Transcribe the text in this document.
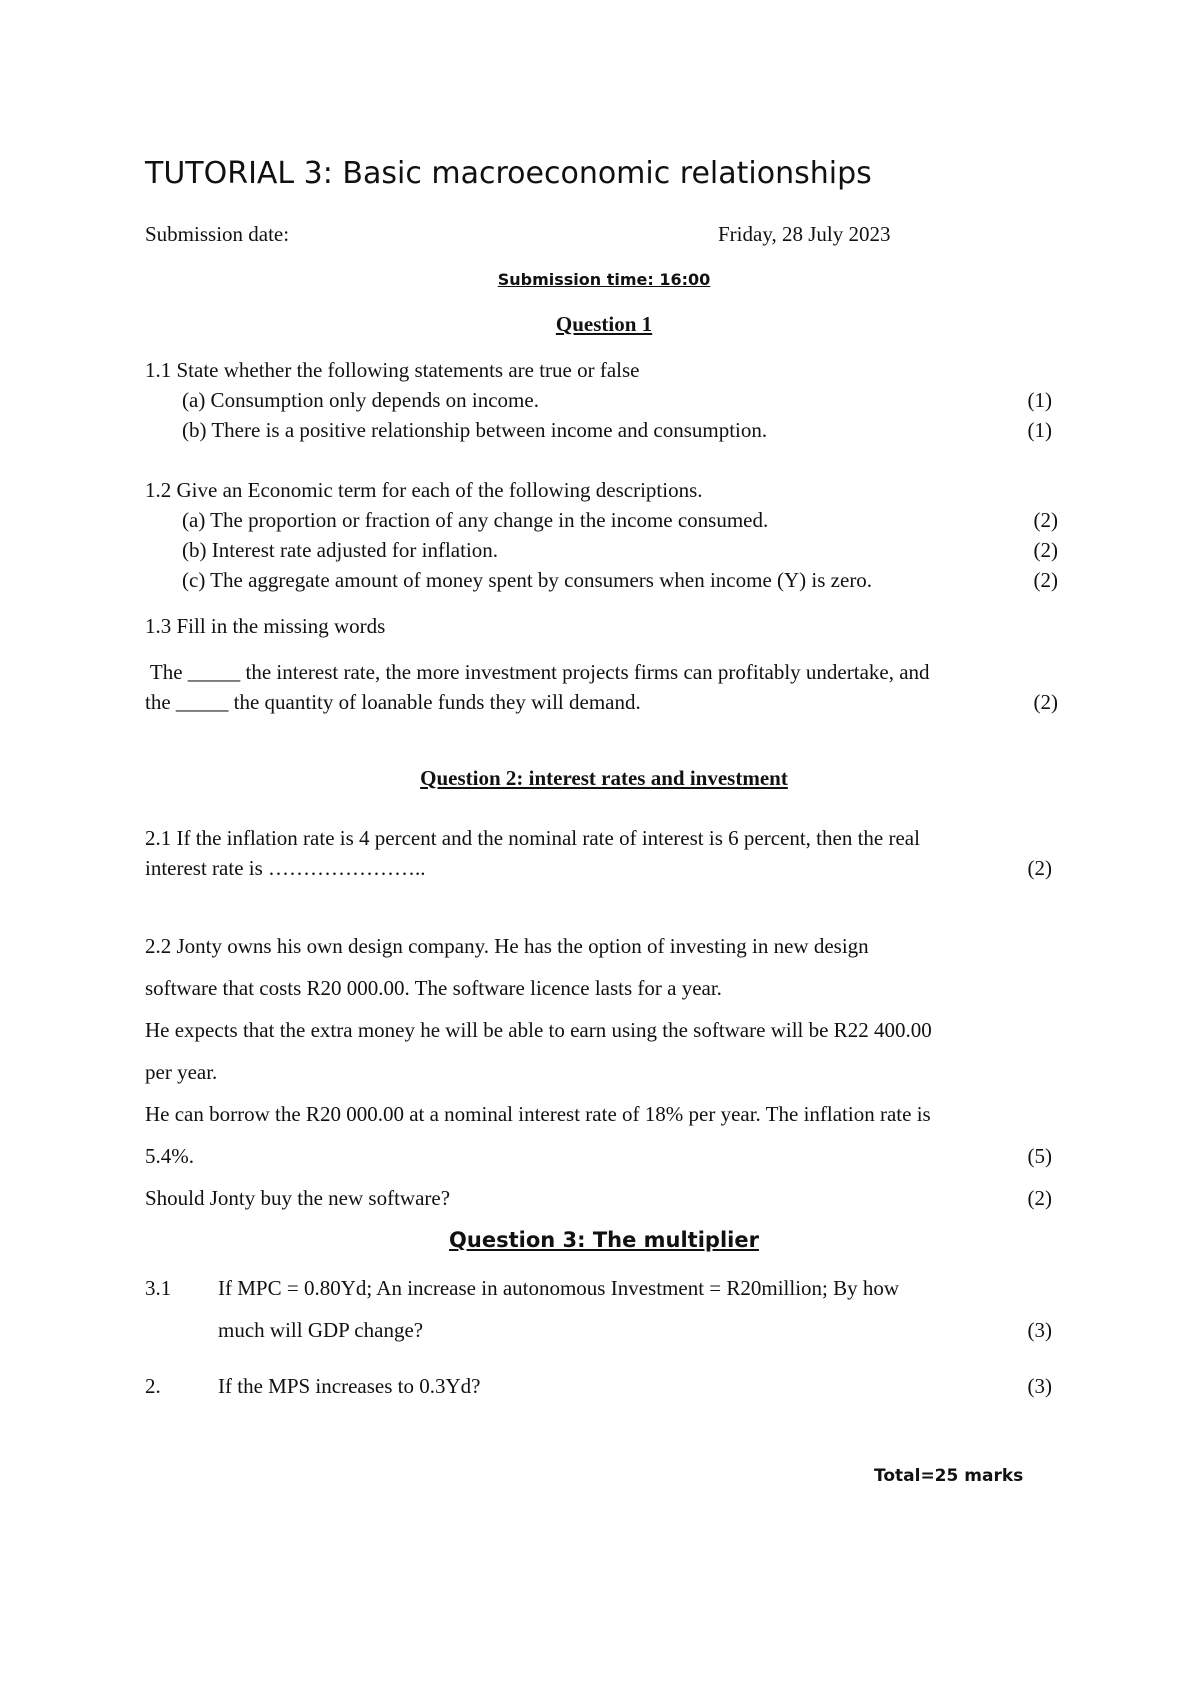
TUTORIAL 3: Basic macroeconomic relationships
Submission date:	Friday, 28 July 2023
Submission time: 16:00
Question 1
1.1 State whether the following statements are true or false
(a) Consumption only depends on income.	(1)
(b) There is a positive relationship between income and consumption.	(1)
1.2 Give an Economic term for each of the following descriptions.
(a) The proportion or fraction of any change in the income consumed.	(2)
(b) Interest rate adjusted for inflation.	(2)
(c) The aggregate amount of money spent by consumers when income (Y) is zero.	(2)
1.3 Fill in the missing words
The _____ the interest rate, the more investment projects firms can profitably undertake, and
the _____ the quantity of loanable funds they will demand.	(2)
Question 2: interest rates and investment
2.1 If the inflation rate is 4 percent and the nominal rate of interest is 6 percent, then the real
interest rate is …………………..	(2)
2.2 Jonty owns his own design company. He has the option of investing in new design
software that costs R20 000.00. The software licence lasts for a year.
He expects that the extra money he will be able to earn using the software will be R22 400.00
per year.
He can borrow the R20 000.00 at a nominal interest rate of 18% per year. The inflation rate is
5.4%.	(5)
Should Jonty buy the new software?	(2)
Question 3: The multiplier
3.1 If MPC = 0.80Yd; An increase in autonomous Investment = R20million; By how
much will GDP change?	(3)
2.	If the MPS increases to 0.3Yd?	(3)
Total=25 marks
